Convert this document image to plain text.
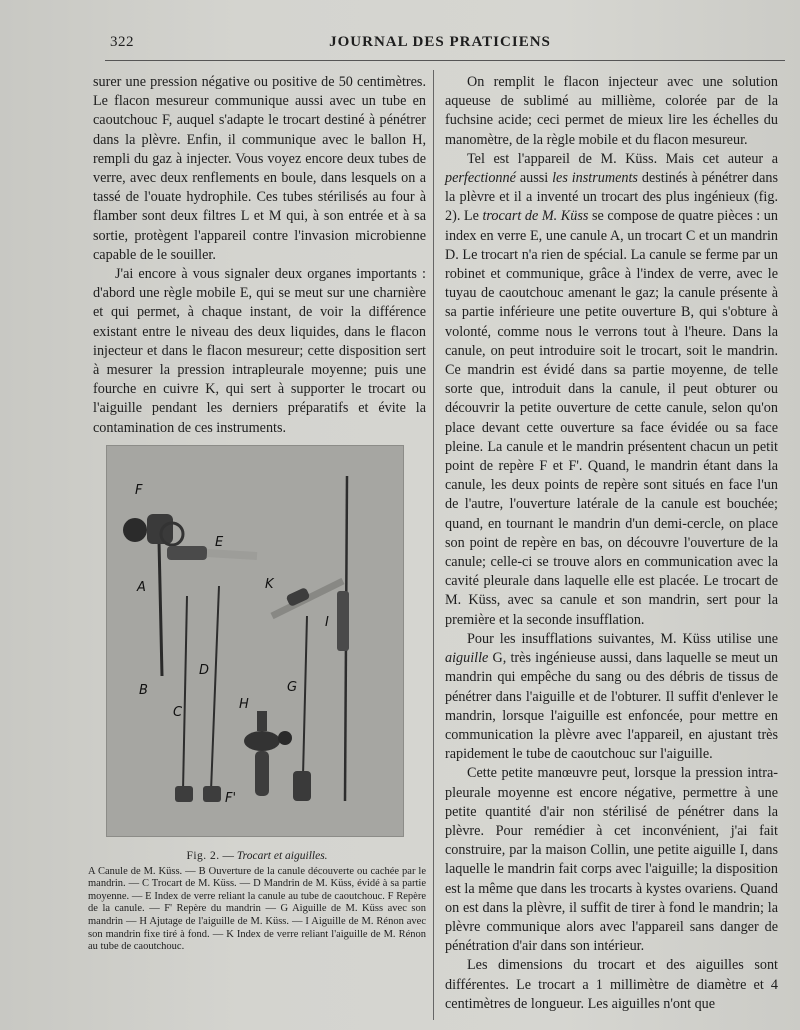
322	JOURNAL DES PRATICIENS

surer une pression négative ou positive de 50 centimètres. Le flacon mesureur communique aussi avec un tube en caoutchouc F, auquel s'adapte le trocart destiné à pénétrer dans la plèvre. Enfin, il communique avec le ballon H, rempli du gaz à injecter. Vous voyez encore deux tubes de verre, avec deux renflements en boule, dans lesquels on a tassé de l'ouate hydrophile. Ces tubes stérilisés au four à flamber sont deux filtres L et M qui, à son entrée et à sa sortie, protègent l'appareil contre l'invasion microbienne capable de le souiller.

J'ai encore à vous signaler deux organes importants : d'abord une règle mobile E, qui se meut sur une charnière et qui permet, à chaque instant, de voir la différence existant entre le niveau des deux liquides, dans le flacon injecteur et dans le flacon mesureur; cette disposition sert à mesurer la pression intrapleurale moyenne; puis une fourche en cuivre K, qui sert à supporter le trocart ou l'aiguille pendant les derniers préparatifs et évite la contamination de ces instruments.

F
E
A	K
I
D
B
C
G
H
F'
Fig. 2. — Trocart et aiguilles.
A Canule de M. Küss. — B Ouverture de la canule découverte ou cachée par le mandrin. — C Trocart de M. Küss. — D Mandrin de M. Küss, évidé à sa partie moyenne. — E Index de verre reliant la canule au tube de caoutchouc. F Repère de la canule. — F' Repère du mandrin — G Aiguille de M. Küss avec son mandrin — H Ajutage de l'aiguille de M. Küss. — I Aiguille de M. Rénon avec son mandrin fixe tiré à fond. — K Index de verre reliant l'aiguille de M. Rénon au tube de caoutchouc.

On remplit le flacon injecteur avec une solution aqueuse de sublimé au millième, colorée par de la fuchsine acide; ceci permet de mieux lire les échelles du manomètre, de la règle mobile et du flacon mesureur.

Tel est l'appareil de M. Küss. Mais cet auteur a perfectionné aussi les instruments destinés à pénétrer dans la plèvre et il a inventé un trocart des plus ingénieux (fig. 2). Le trocart de M. Küss se compose de quatre pièces : un index en verre E, une canule A, un trocart C et un mandrin D. Le trocart n'a rien de spécial. La canule se ferme par un robinet et communique, grâce à l'index de verre, avec le tuyau de caoutchouc amenant le gaz; la canule présente à sa partie inférieure une petite ouverture B, qui s'obture à volonté, comme nous le verrons tout à l'heure. Dans la canule, on peut introduire soit le trocart, soit le mandrin. Ce mandrin est évidé dans sa partie moyenne, de telle sorte que, introduit dans la canule, il peut obturer ou découvrir la petite ouverture de cette canule, selon qu'on place devant cette ouverture sa face évidée ou sa face pleine. La canule et le mandrin présentent chacun un petit point de repère F et F'. Quand, le mandrin étant dans la canule, les deux points de repère sont situés en face l'un de l'autre, l'ouverture latérale de la canule est bouchée; quand, en tournant le mandrin d'un demi-cercle, on place son point de repère en bas, on découvre l'ouverture de la canule; celle-ci se trouve alors en communication avec la cavité pleurale dans laquelle elle est placée. Le trocart de M. Küss, avec sa canule et son mandrin, sert pour la première et la seconde insufflation.

Pour les insufflations suivantes, M. Küss utilise une aiguille G, très ingénieuse aussi, dans laquelle se meut un mandrin qui empêche du sang ou des débris de tissus de pénétrer dans l'aiguille et de l'obturer. Il suffit d'enlever le mandrin, lorsque l'aiguille est enfoncée, pour mettre en communication la plèvre avec l'appareil, en ajustant très rapidement le tube de caoutchouc sur l'aiguille.

Cette petite manœuvre peut, lorsque la pression intra-pleurale moyenne est encore négative, permettre à une petite quantité d'air non stérilisé de pénétrer dans la plèvre. Pour remédier à cet inconvénient, j'ai fait construire, par la maison Collin, une petite aiguille I, dans laquelle le mandrin fait corps avec l'aiguille; la disposition est la même que dans les trocarts à kystes ovariens. Quand on est dans la plèvre, il suffit de tirer à fond le mandrin; la plèvre communique alors avec l'appareil sans danger de pénétration d'air dans son intérieur.

Les dimensions du trocart et des aiguilles sont différentes. Le trocart a 1 millimètre de diamètre et 4 centimètres de longueur. Les aiguilles n'ont que
